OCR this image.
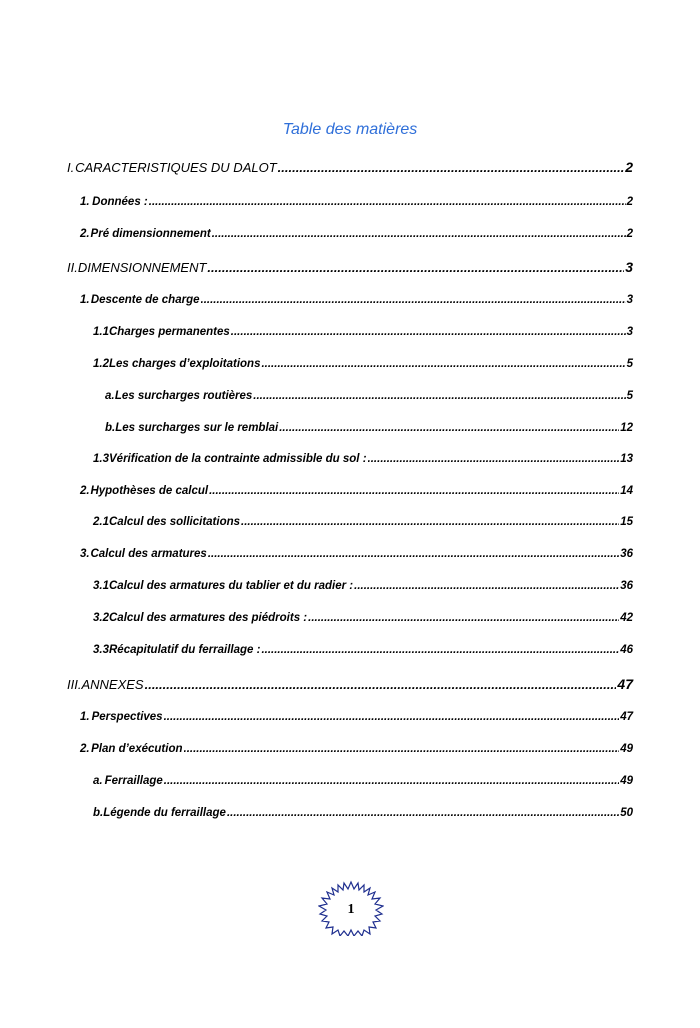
Table des matières
I. CARACTERISTIQUES DU DALOT .....	2
1. Données : .....	2
2. Pré dimensionnement .....	2
II. DIMENSIONNEMENT .....	3
1. Descente de charge .....	3
1.1 Charges permanentes .....	3
1.2 Les charges d’exploitations .....	5
a. Les surcharges routières .....	5
b. Les surcharges sur le remblai .....	12
1.3 Vérification de la contrainte admissible du sol : .....	13
2. Hypothèses de calcul .....	14
2.1 Calcul des sollicitations .....	15
3. Calcul des armatures .....	36
3.1 Calcul des armatures du tablier et du radier : .....	36
3.2 Calcul des armatures des piédroits : .....	42
3.3 Récapitulatif du ferraillage : .....	46
III. ANNEXES .....	47
1. Perspectives .....	47
2. Plan d’exécution .....	49
a. Ferraillage .....	49
b. Légende du ferraillage .....	50
1
